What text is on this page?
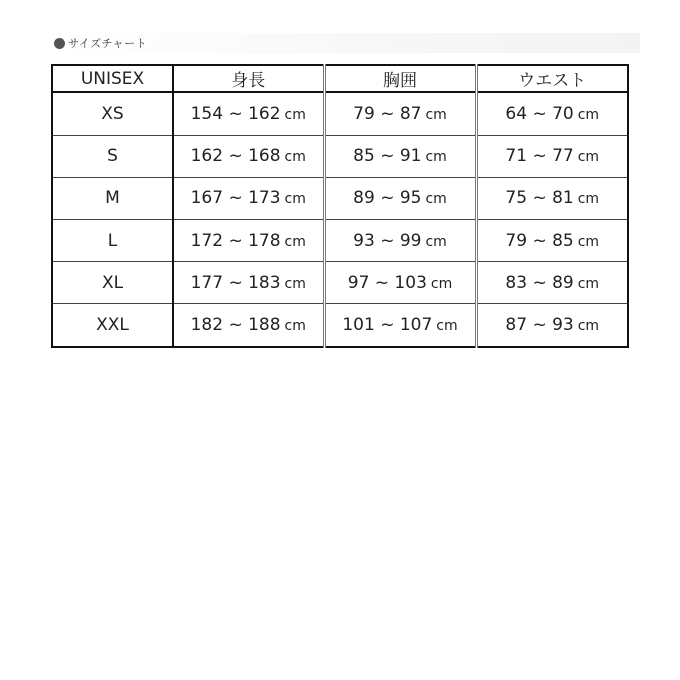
サイズチャート
UNISEX	身長	胸囲	ウエスト
XS	154 ~ 162 cm	79 ~ 87 cm	64 ~ 70 cm
S	162 ~ 168 cm	85 ~ 91 cm	71 ~ 77 cm
M	167 ~ 173 cm	89 ~ 95 cm	75 ~ 81 cm
L	172 ~ 178 cm	93 ~ 99 cm	79 ~ 85 cm
XL	177 ~ 183 cm	97 ~ 103 cm	83 ~ 89 cm
XXL	182 ~ 188 cm	101 ~ 107 cm	87 ~ 93 cm
